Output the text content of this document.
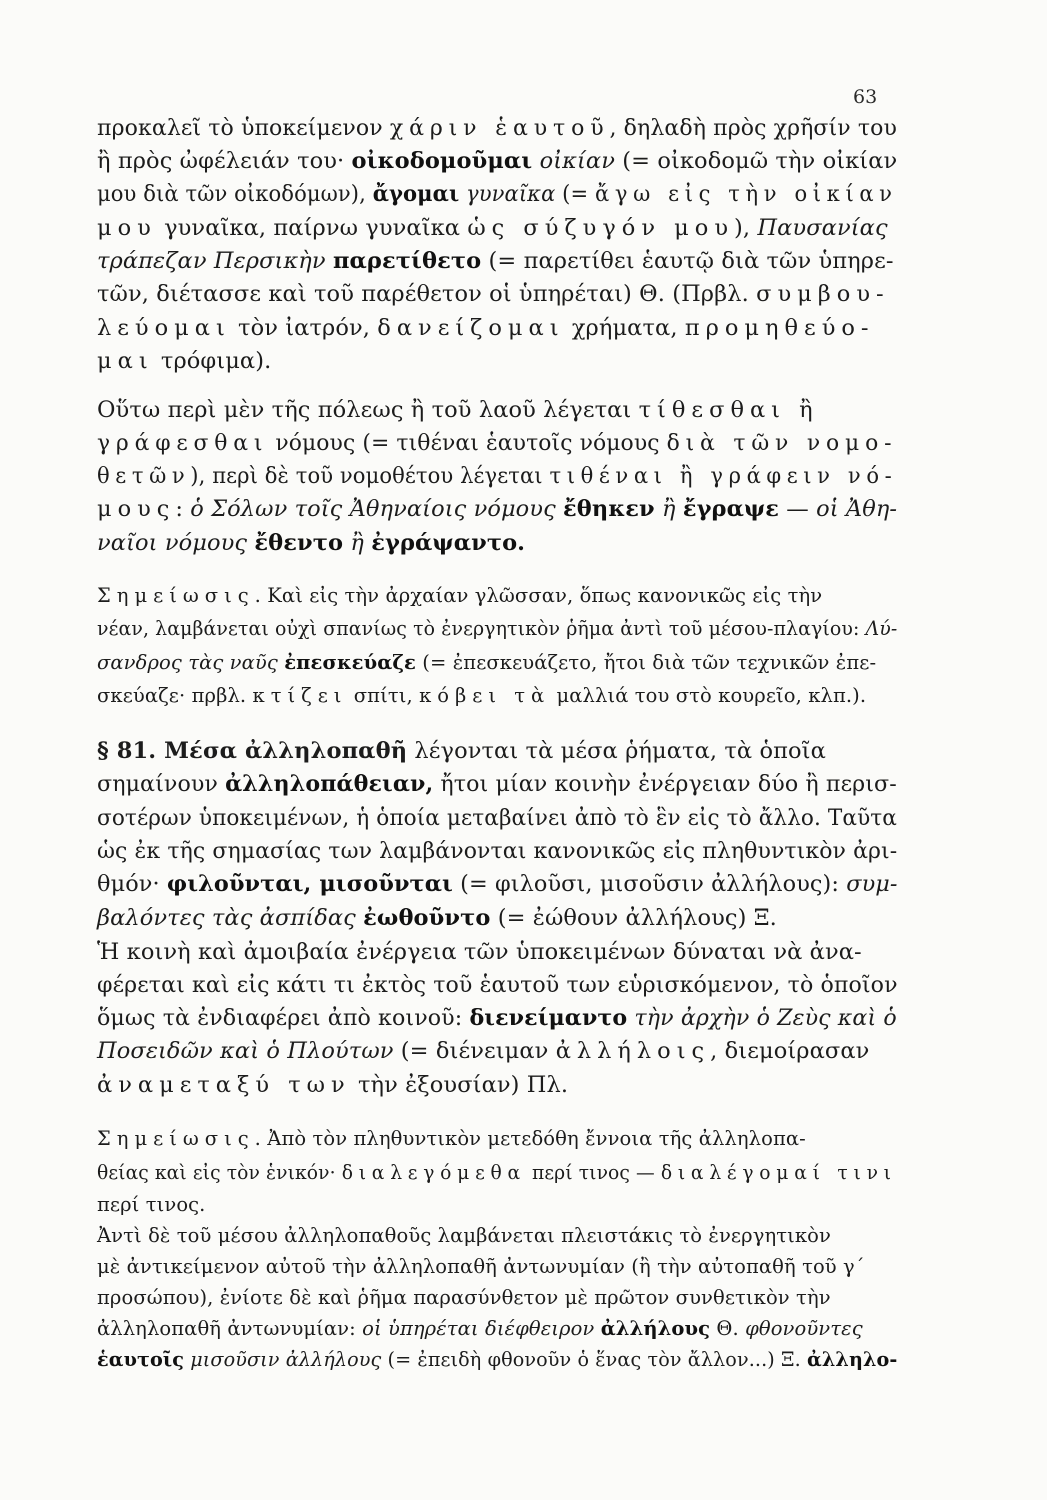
63
προκαλεῖ τὸ ὑποκείμενον χάριν ἑαυτοῦ, δηλαδὴ πρὸς χρῆσίν του
ἢ πρὸς ὠφέλειάν του· οἰκοδομοῦμαι οἰκίαν (= οἰκοδομῶ τὴν οἰκίαν
μου διὰ τῶν οἰκοδόμων), ἄγομαι γυναῖκα (= ἄγω εἰς τὴν οἰκίαν
μου γυναῖκα, παίρνω γυναῖκα ὡς σύζυγόν μου), Παυσανίας
τράπεζαν Περσικὴν παρετίθετο (= παρετίθει ἑαυτῷ διὰ τῶν ὑπηρε-
τῶν, διέτασσε καὶ τοῦ παρέθετον οἱ ὑπηρέται) Θ. (Πρβλ. συμβου-
λεύομαι τὸν ἰατρόν, δανείζομαι χρήματα, προμηθεύο-
μαι τρόφιμα).
Οὕτω περὶ μὲν τῆς πόλεως ἢ τοῦ λαοῦ λέγεται τίθεσθαι ἢ
γράφεσθαι νόμους (= τιθέναι ἑαυτοῖς νόμους διὰ τῶν νομο-
θετῶν), περὶ δὲ τοῦ νομοθέτου λέγεται τιθέναι ἢ γράφειν νό-
μους: ὁ Σόλων τοῖς Ἀθηναίοις νόμους ἔθηκεν ἢ ἔγραψε — οἱ Ἀθη-
ναῖοι νόμους ἔθεντο ἢ ἐγράψαντο.
Σημείωσις. Καὶ εἰς τὴν ἀρχαίαν γλῶσσαν, ὅπως κανονικῶς εἰς τὴν
νέαν, λαμβάνεται οὐχὶ σπανίως τὸ ἐνεργητικὸν ῥῆμα ἀντὶ τοῦ μέσου-πλαγίου: Λύ-
σανδρος τὰς ναῦς ἐπεσκεύαζε (= ἐπεσκευάζετο, ἤτοι διὰ τῶν τεχνικῶν ἐπε-
σκεύαζε· πρβλ. κτίζει σπίτι, κόβει τὰ μαλλιά του στὸ κουρεῖο, κλπ.).
§ 81. Μέσα ἀλληλοπαθῆ λέγονται τὰ μέσα ῥήματα, τὰ ὁποῖα
σημαίνουν ἀλληλοπάθειαν, ἤτοι μίαν κοινὴν ἐνέργειαν δύο ἢ περισ-
σοτέρων ὑποκειμένων, ἡ ὁποία μεταβαίνει ἀπὸ τὸ ἓν εἰς τὸ ἄλλο. Ταῦτα
ὡς ἐκ τῆς σημασίας των λαμβάνονται κανονικῶς εἰς πληθυντικὸν ἀρι-
θμόν· φιλοῦνται, μισοῦνται (= φιλοῦσι, μισοῦσιν ἀλλήλους): συμ-
βαλόντες τὰς ἀσπίδας ἐωθοῦντο (= ἐώθουν ἀλλήλους) Ξ.
Ἡ κοινὴ καὶ ἀμοιβαία ἐνέργεια τῶν ὑποκειμένων δύναται νὰ ἀνα-
φέρεται καὶ εἰς κάτι τι ἐκτὸς τοῦ ἑαυτοῦ των εὑρισκόμενον, τὸ ὁποῖον
ὅμως τὰ ἐνδιαφέρει ἀπὸ κοινοῦ: διενείμαντο τὴν ἀρχὴν ὁ Ζεὺς καὶ ὁ
Ποσειδῶν καὶ ὁ Πλούτων (= διένειμαν ἀλλήλοις, διεμοίρασαν
ἀναμεταξύ των τὴν ἐξουσίαν) Πλ.
Σημείωσις. Ἀπὸ τὸν πληθυντικὸν μετεδόθη ἔννοια τῆς ἀλληλοπα-
θείας καὶ εἰς τὸν ἑνικόν· διαλεγόμεθα περί τινος — διαλέγομαί τινι
περί τινος.
Ἀντὶ δὲ τοῦ μέσου ἀλληλοπαθοῦς λαμβάνεται πλειστάκις τὸ ἐνεργητικὸν
μὲ ἀντικείμενον αὐτοῦ τὴν ἀλληλοπαθῆ ἀντωνυμίαν (ἢ τὴν αὐτοπαθῆ τοῦ γ´
προσώπου), ἐνίοτε δὲ καὶ ῥῆμα παρασύνθετον μὲ πρῶτον συνθετικὸν τὴν
ἀλληλοπαθῆ ἀντωνυμίαν: οἱ ὑπηρέται διέφθειρον ἀλλήλους Θ. φθονοῦντες
ἑαυτοῖς μισοῦσιν ἀλλήλους (= ἐπειδὴ φθονοῦν ὁ ἕνας τὸν ἄλλον...) Ξ. ἀλληλο-
